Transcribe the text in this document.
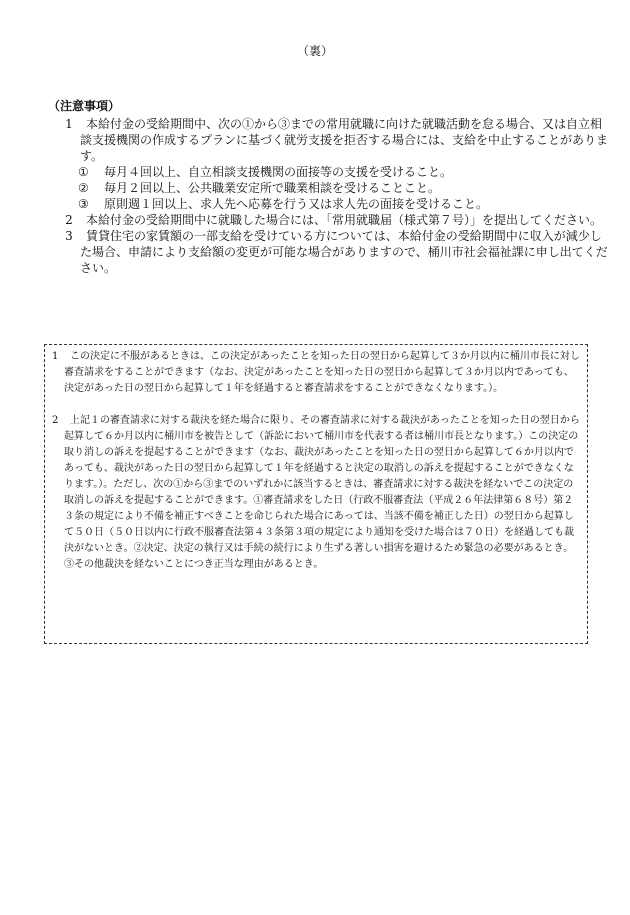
（裏）
（注意事項）
1	本給付金の受給期間中、次の①から③までの常用就職に向けた就職活動を怠る場合、又は自立相談支援機関の作成するプランに基づく就労支援を拒否する場合には、支給を中止することがあります。
①	毎月４回以上、自立相談支援機関の面接等の支援を受けること。
②	毎月２回以上、公共職業安定所で職業相談を受けることこと。
③	原則週１回以上、求人先へ応募を行う又は求人先の面接を受けること。
2	本給付金の受給期間中に就職した場合には、「常用就職届（様式第７号）」を提出してください。
3	賃貸住宅の家賃額の一部支給を受けている方については、本給付金の受給期間中に収入が減少した場合、申請により支給額の変更が可能な場合がありますので、桶川市社会福祉課に申し出てください。
1	この決定に不服があるときは、この決定があったことを知った日の翌日から起算して３か月以内に桶川市長に対し審査請求をすることができます（なお、決定があったことを知った日の翌日から起算して３か月以内であっても、決定があった日の翌日から起算して１年を経過すると審査請求をすることができなくなります。）。
2	上記１の審査請求に対する裁決を経た場合に限り、その審査請求に対する裁決があったことを知った日の翌日から起算して６か月以内に桶川市を被告として（訴訟において桶川市を代表する者は桶川市長となります。）この決定の取り消しの訴えを提起することができます（なお、裁決があったことを知った日の翌日から起算して６か月以内であっても、裁決があった日の翌日から起算して１年を経過すると決定の取消しの訴えを提起することができなくなります。）。ただし、次の①から③までのいずれかに該当するときは、審査請求に対する裁決を経ないでこの決定の取消しの訴えを提起することができます。①審査請求をした日（行政不服審査法（平成２６年法律第６８号）第２３条の規定により不備を補正すべきことを命じられた場合にあっては、当該不備を補正した日）の翌日から起算して５０日（５０日以内に行政不服審査法第４３条第３項の規定により通知を受けた場合は７０日）を経過しても裁決がないとき。②決定、決定の執行又は手続の続行により生ずる著しい損害を避けるため緊急の必要があるとき。③その他裁決を経ないことにつき正当な理由があるとき。
